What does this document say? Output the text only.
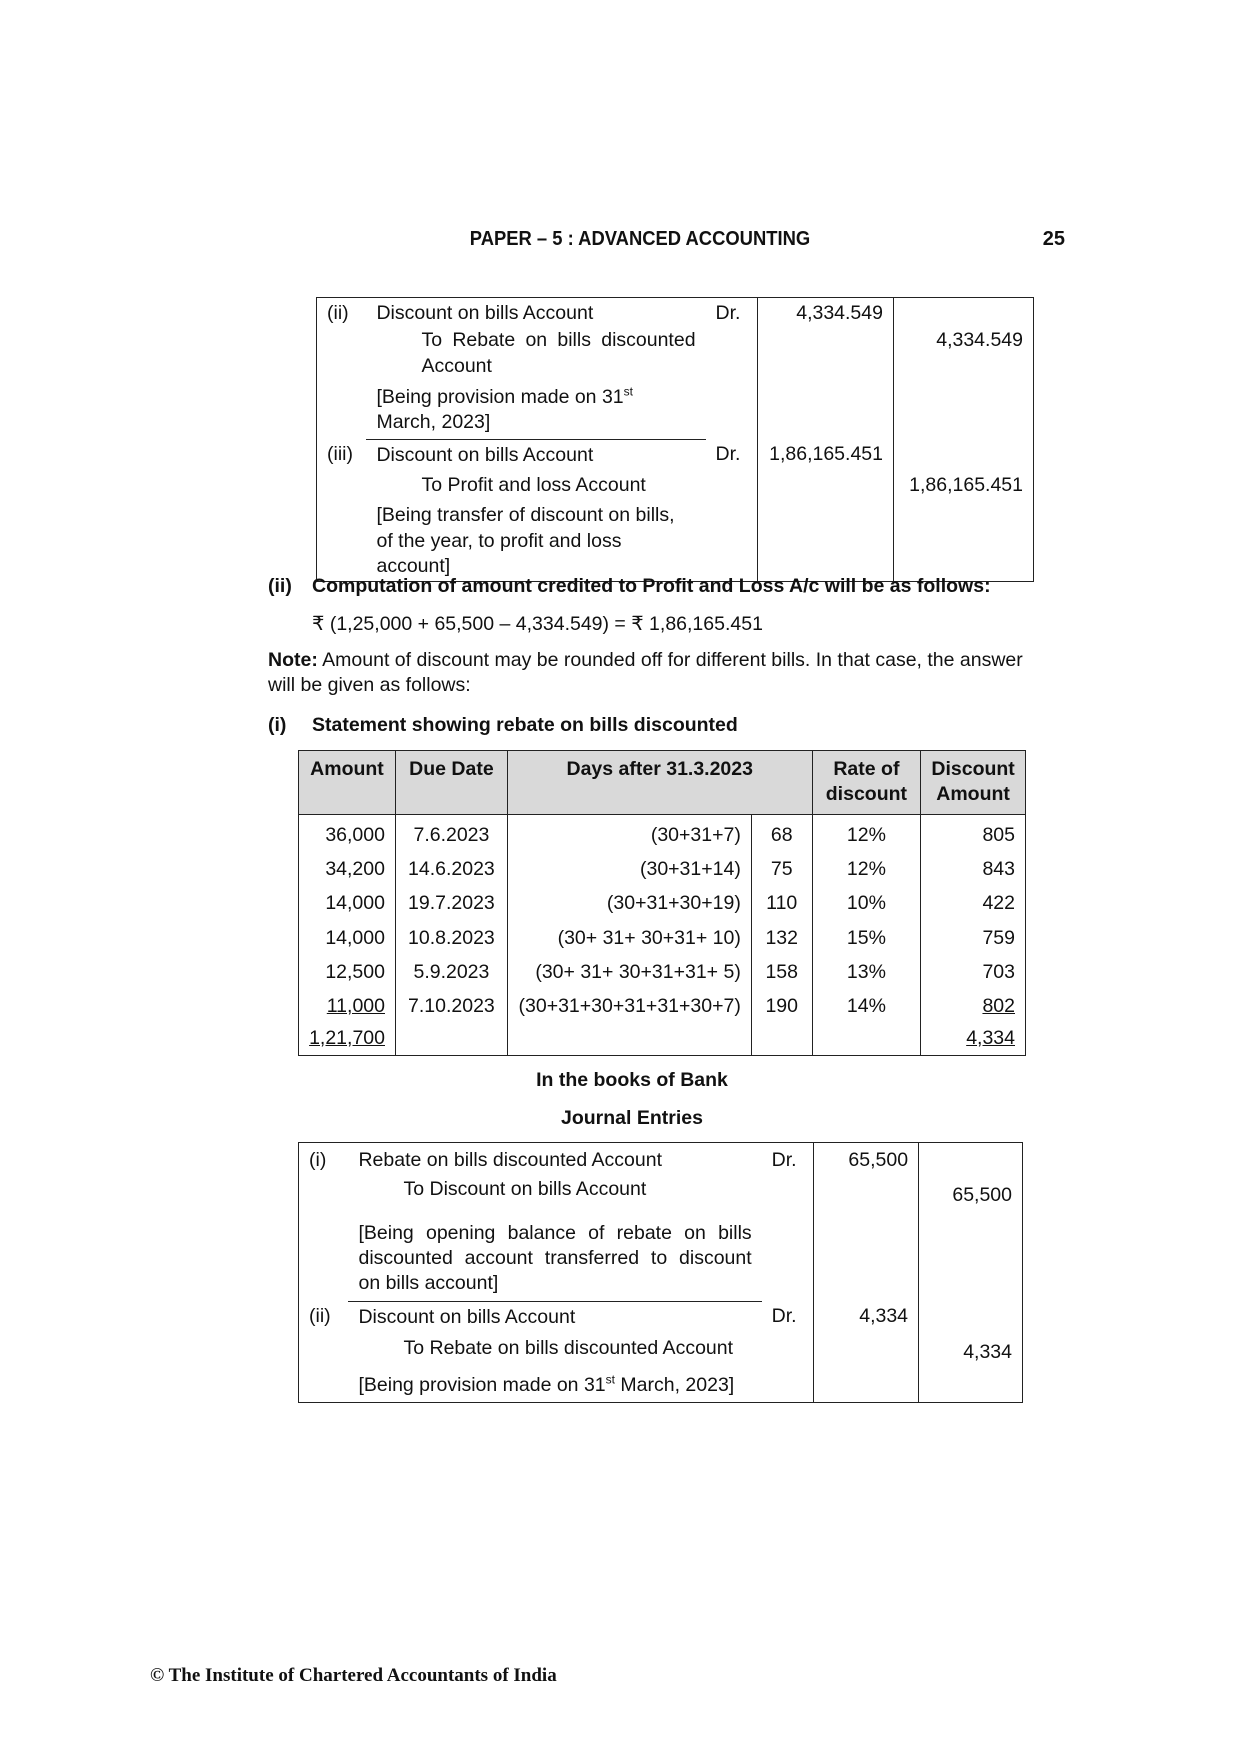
PAPER – 5 : ADVANCED ACCOUNTING	25
(ii)	Discount on bills Account	Dr.	4,334.549	

	To Rebate on bills discounted Account			4,334.549
	[Being provision made on 31st March, 2023]			
(iii)	Discount on bills Account	Dr.	1,86,165.451	
	To Profit and loss Account			1,86,165.451
	[Being transfer of discount on bills, of the year, to profit and loss account]			
(ii) Computation of amount credited to Profit and Loss A/c will be as follows:
₹ (1,25,000 + 65,500 – 4,334.549) = ₹ 1,86,165.451
Note: Amount of discount may be rounded off for different bills. In that case, the answer will be given as follows:
(i) Statement showing rebate on bills discounted
Amount	Due Date	Days after 31.3.2023		Rate of discount	Discount Amount
36,000	7.6.2023	(30+31+7)	68	12%	805
34,200	14.6.2023	(30+31+14)	75	12%	843
14,000	19.7.2023	(30+31+30+19)	110	10%	422
14,000	10.8.2023	(30+ 31+ 30+31+ 10)	132	15%	759
12,500	5.9.2023	(30+ 31+ 30+31+31+ 5)	158	13%	703
11,000	7.10.2023	(30+31+30+31+31+30+7)	190	14%	802
1,21,700					4,334
In the books of Bank
Journal Entries
(i)	Rebate on bills discounted Account	Dr.	65,500	
	To Discount on bills Account			65,500
	[Being opening balance of rebate on bills discounted account transferred to discount on bills account]			
(ii)	Discount on bills Account	Dr.	4,334	
	To Rebate on bills discounted Account			4,334
	[Being provision made on 31st March, 2023]			
© The Institute of Chartered Accountants of India
